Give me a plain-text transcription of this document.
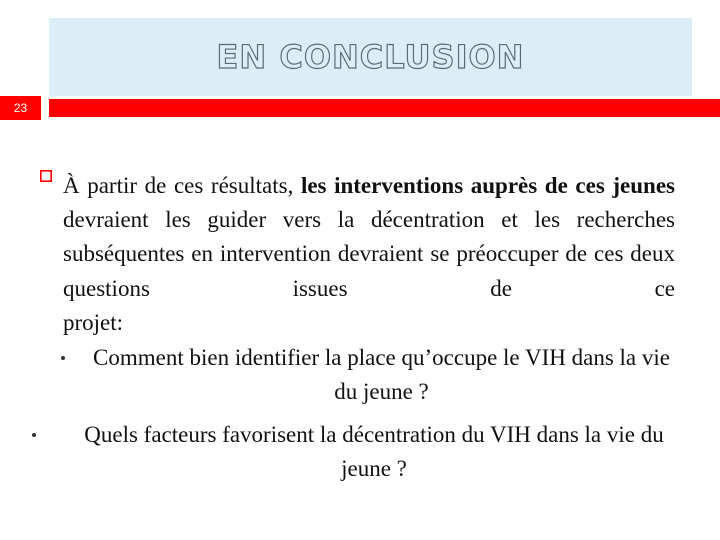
EN CONCLUSION
23

À partir de ces résultats, les interventions auprès de ces jeunes devraient les guider vers la décentration et les recherches subséquentes en intervention devraient se préoccuper de ces deux questions issues de ce
projet:

Comment bien identifier la place qu’occupe le VIH dans la vie du jeune ?
Quels facteurs favorisent la décentration du VIH dans la vie du jeune ?
